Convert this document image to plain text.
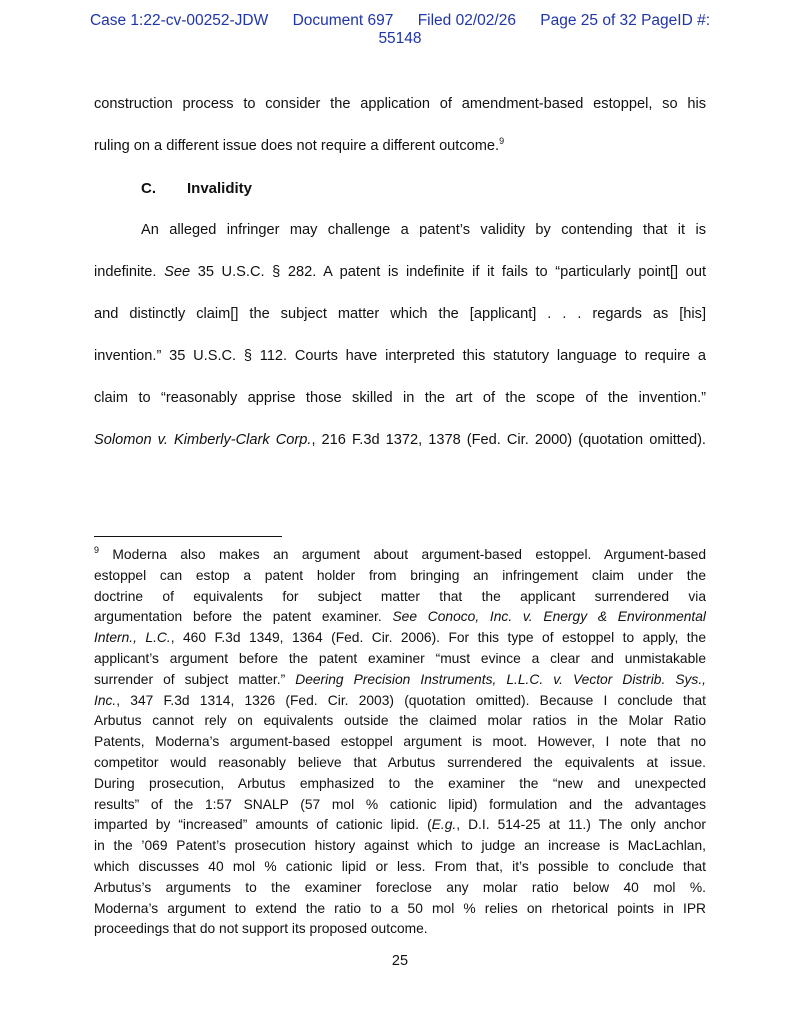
Case 1:22-cv-00252-JDW Document 697 Filed 02/02/26 Page 25 of 32 PageID #:
55148
construction process to consider the application of amendment-based estoppel, so his
ruling on a different issue does not require a different outcome.$^9$
C. Invalidity
An alleged infringer may challenge a patent’s validity by contending that it is
indefinite. See 35 U.S.C. § 282. A patent is indefinite if it fails to “particularly point[] out
and distinctly claim[] the subject matter which the [applicant] . . . regards as [his]
invention.” 35 U.S.C. § 112. Courts have interpreted this statutory language to require a
claim to “reasonably apprise those skilled in the art of the scope of the invention.”
Solomon v. Kimberly-Clark Corp., 216 F.3d 1372, 1378 (Fed. Cir. 2000) (quotation omitted).
$^9$ Moderna also makes an argument about argument-based estoppel. Argument-based
estoppel can estop a patent holder from bringing an infringement claim under the
doctrine of equivalents for subject matter that the applicant surrendered via
argumentation before the patent examiner. See Conoco, Inc. v. Energy & Environmental
Intern., L.C., 460 F.3d 1349, 1364 (Fed. Cir. 2006). For this type of estoppel to apply, the
applicant’s argument before the patent examiner “must evince a clear and unmistakable
surrender of subject matter.” Deering Precision Instruments, L.L.C. v. Vector Distrib. Sys.,
Inc., 347 F.3d 1314, 1326 (Fed. Cir. 2003) (quotation omitted). Because I conclude that
Arbutus cannot rely on equivalents outside the claimed molar ratios in the Molar Ratio
Patents, Moderna’s argument-based estoppel argument is moot. However, I note that no
competitor would reasonably believe that Arbutus surrendered the equivalents at issue.
During prosecution, Arbutus emphasized to the examiner the “new and unexpected
results” of the 1:57 SNALP (57 mol % cationic lipid) formulation and the advantages
imparted by “increased” amounts of cationic lipid. (E.g., D.I. 514-25 at 11.) The only anchor
in the ’069 Patent’s prosecution history against which to judge an increase is MacLachlan,
which discusses 40 mol % cationic lipid or less. From that, it’s possible to conclude that
Arbutus’s arguments to the examiner foreclose any molar ratio below 40 mol %.
Moderna’s argument to extend the ratio to a 50 mol % relies on rhetorical points in IPR
proceedings that do not support its proposed outcome.
25
